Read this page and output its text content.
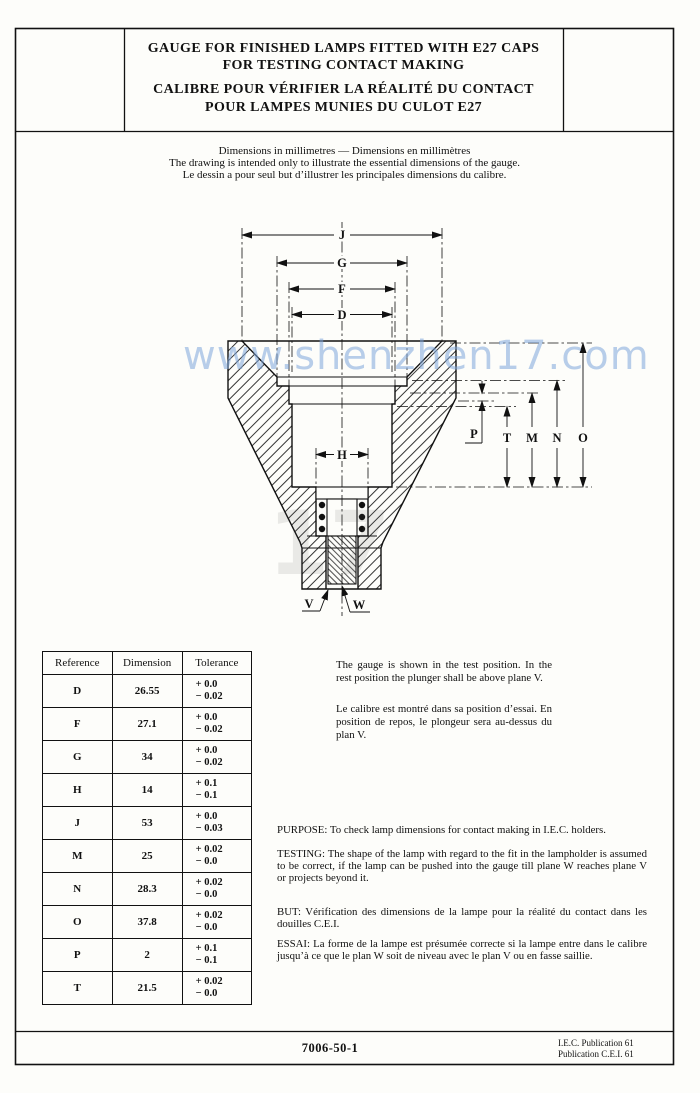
GAUGE FOR FINISHED LAMPS FITTED WITH E27 CAPS
FOR TESTING CONTACT MAKING
CALIBRE POUR VÉRIFIER LA RÉALITÉ DU CONTACT
POUR LAMPES MUNIES DU CULOT E27
Dimensions in millimetres — Dimensions en millimètres
The drawing is intended only to illustrate the essential dimensions of the gauge.
Le dessin a pour seul but d’illustrer les principales dimensions du calibre.
www.shenzhen17.com
17
J
G
F
D
H
P T M N O
V	W
Reference	Dimension	Tolerance
D	26.55	+ 0.0
− 0.02
F	27.1	+ 0.0
− 0.02
G	34	+ 0.0
− 0.02
H	14	+ 0.1
− 0.1
J	53	+ 0.0
− 0.03
M	25	+ 0.02
− 0.0
N	28.3	+ 0.02
− 0.0
O	37.8	+ 0.02
− 0.0
P	2	+ 0.1
− 0.1
T	21.5	+ 0.02
− 0.0

The gauge is shown in the test position. In the rest position the plunger shall be above plane V.

Le calibre est montré dans sa position d’essai. En position de repos, le plongeur sera au-dessus du plan V.

PURPOSE: To check lamp dimensions for contact making in I.E.C. holders.

TESTING: The shape of the lamp with regard to the fit in the lampholder is assumed to be correct, if the lamp can be pushed into the gauge till plane W reaches plane V or projects beyond it.

BUT: Vérification des dimensions de la lampe pour la réalité du contact dans les douilles C.E.I.

ESSAI: La forme de la lampe est présumée correcte si la lampe entre dans le calibre jusqu’à ce que le plan W soit de niveau avec le plan V ou en fasse saillie.

7006-50-1	I.E.C. Publication 61
Publication C.E.I. 61
